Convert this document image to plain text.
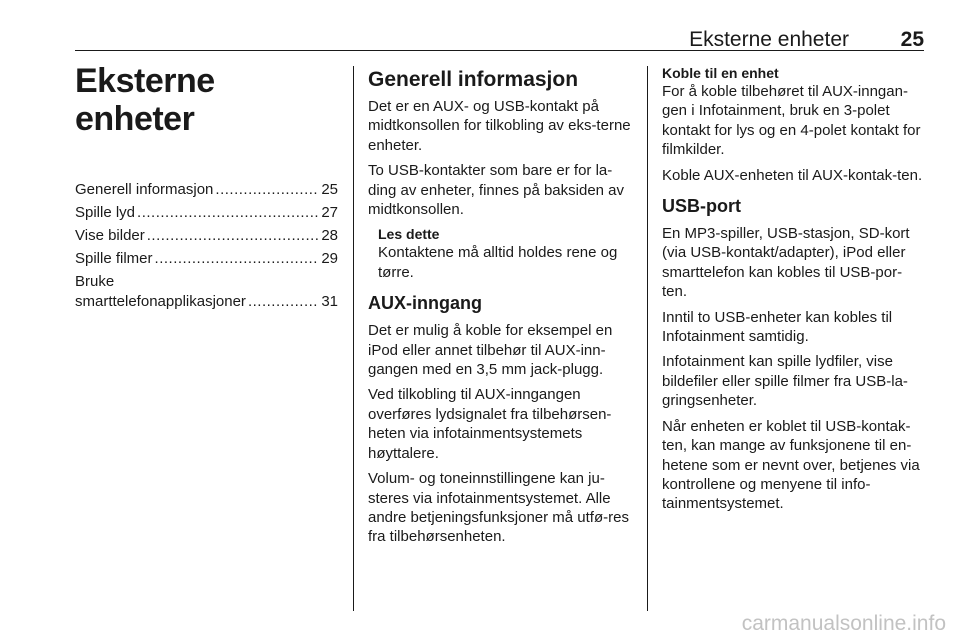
Eksterne enheter 25
Eksterne enheter
Generell informasjon .....	25
Spille lyd .....	27
Vise bilder .....	28
Spille filmer .....	29
Bruke
smarttelefonapplikasjoner .....	31
Generell informasjon

Det er en AUX- og USB-kontakt på midtkonsollen for tilkobling av eks-terne enheter.

To USB-kontakter som bare er for la-ding av enheter, finnes på baksiden av midtkonsollen.

Les dette

Kontaktene må alltid holdes rene og tørre.

AUX-inngang

Det er mulig å koble for eksempel en iPod eller annet tilbehør til AUX-inn-gangen med en 3,5 mm jack-plugg.

Ved tilkobling til AUX-inngangen overføres lydsignalet fra tilbehørsen-heten via infotainmentsystemets høyttalere.

Volum- og toneinnstillingene kan ju-steres via infotainmentsystemet. Alle andre betjeningsfunksjoner må utfø-res fra tilbehørsenheten.

Koble til en enhet

For å koble tilbehøret til AUX-inngan-gen i Infotainment, bruk en 3-polet kontakt for lys og en 4-polet kontakt for filmkilder.

Koble AUX-enheten til AUX-kontak-ten.

USB-port

En MP3-spiller, USB-stasjon, SD-kort (via USB-kontakt/adapter), iPod eller smarttelefon kan kobles til USB-por-ten.

Inntil to USB-enheter kan kobles til Infotainment samtidig.

Infotainment kan spille lydfiler, vise bildefiler eller spille filmer fra USB-la-gringsenheter.

Når enheten er koblet til USB-kontak-ten, kan mange av funksjonene til en-hetene som er nevnt over, betjenes via kontrollene og menyene til info-tainmentsystemet.

carmanualsonline.info
